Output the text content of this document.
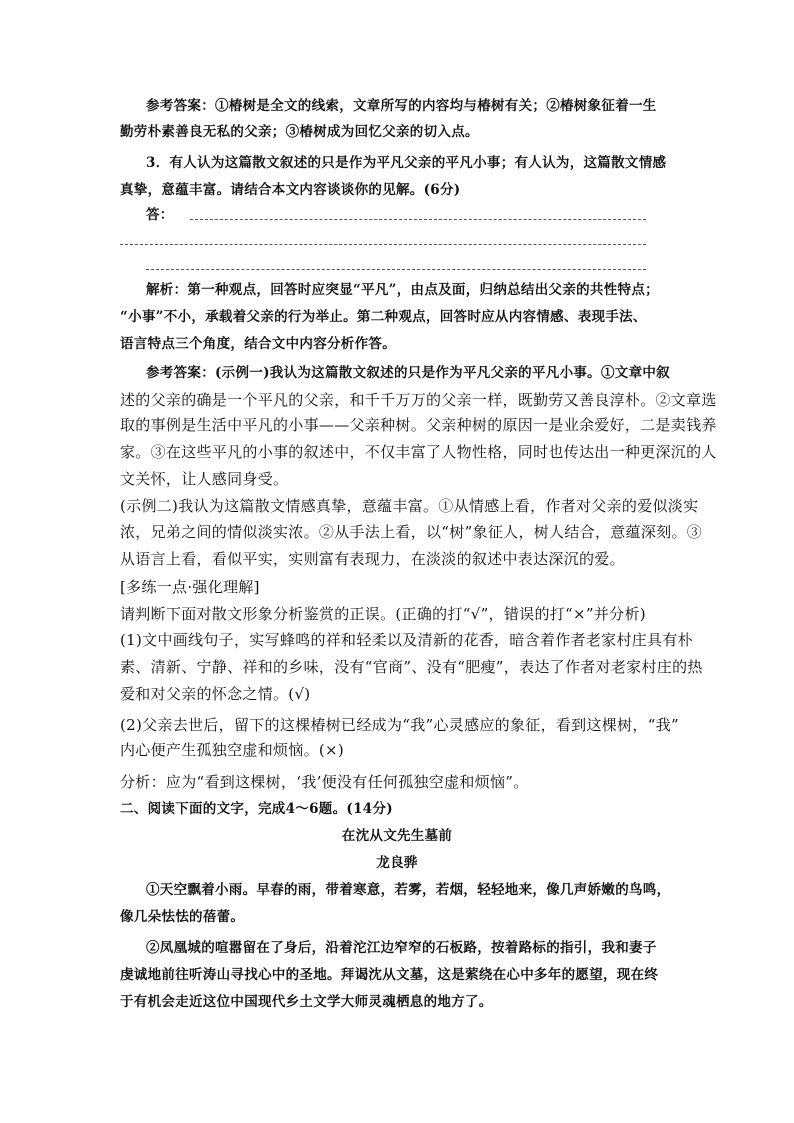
参考答案：①椿树是全文的线索，文章所写的内容均与椿树有关；②椿树象征着一生
勤劳朴素善良无私的父亲；③椿树成为回忆父亲的切入点。
3．有人认为这篇散文叙述的只是作为平凡父亲的平凡小事；有人认为，这篇散文情感
真挚，意蕴丰富。请结合本文内容谈谈你的见解。(6分)
答：
解析：第一种观点，回答时应突显“平凡”，由点及面，归纳总结出父亲的共性特点；
“小事”不小，承载着父亲的行为举止。第二种观点，回答时应从内容情感、表现手法、
语言特点三个角度，结合文中内容分析作答。
参考答案：(示例一)我认为这篇散文叙述的只是作为平凡父亲的平凡小事。①文章中叙
述的父亲的确是一个平凡的父亲，和千千万万的父亲一样，既勤劳又善良淳朴。②文章选
取的事例是生活中平凡的小事——父亲种树。父亲种树的原因一是业余爱好，二是卖钱养
家。③在这些平凡的小事的叙述中，不仅丰富了人物性格，同时也传达出一种更深沉的人
文关怀，让人感同身受。
(示例二)我认为这篇散文情感真挚，意蕴丰富。①从情感上看，作者对父亲的爱似淡实
浓，兄弟之间的情似淡实浓。②从手法上看，以“树”象征人，树人结合，意蕴深刻。③
从语言上看，看似平实，实则富有表现力，在淡淡的叙述中表达深沉的爱。
[多练一点·强化理解]
请判断下面对散文形象分析鉴赏的正误。(正确的打“√”，错误的打“×”并分析)
(1)文中画线句子，实写蜂鸣的祥和轻柔以及清新的花香，暗含着作者老家村庄具有朴
素、清新、宁静、祥和的乡味，没有“官商”、没有“肥瘦”，表达了作者对老家村庄的热
爱和对父亲的怀念之情。(√)
(2)父亲去世后，留下的这棵椿树已经成为“我”心灵感应的象征，看到这棵树，“我”
内心便产生孤独空虚和烦恼。(×)
分析：应为“看到这棵树，‘我’便没有任何孤独空虚和烦恼”。
二、阅读下面的文字，完成4～6题。(14分)
在沈从文先生墓前
龙良骅
①天空飘着小雨。早春的雨，带着寒意，若雾，若烟，轻轻地来，像几声娇嫩的鸟鸣，
像几朵怯怯的蓓蕾。
②凤凰城的喧嚣留在了身后，沿着沱江边窄窄的石板路，按着路标的指引，我和妻子
虔诚地前往听涛山寻找心中的圣地。拜谒沈从文墓，这是萦绕在心中多年的愿望，现在终
于有机会走近这位中国现代乡土文学大师灵魂栖息的地方了。
